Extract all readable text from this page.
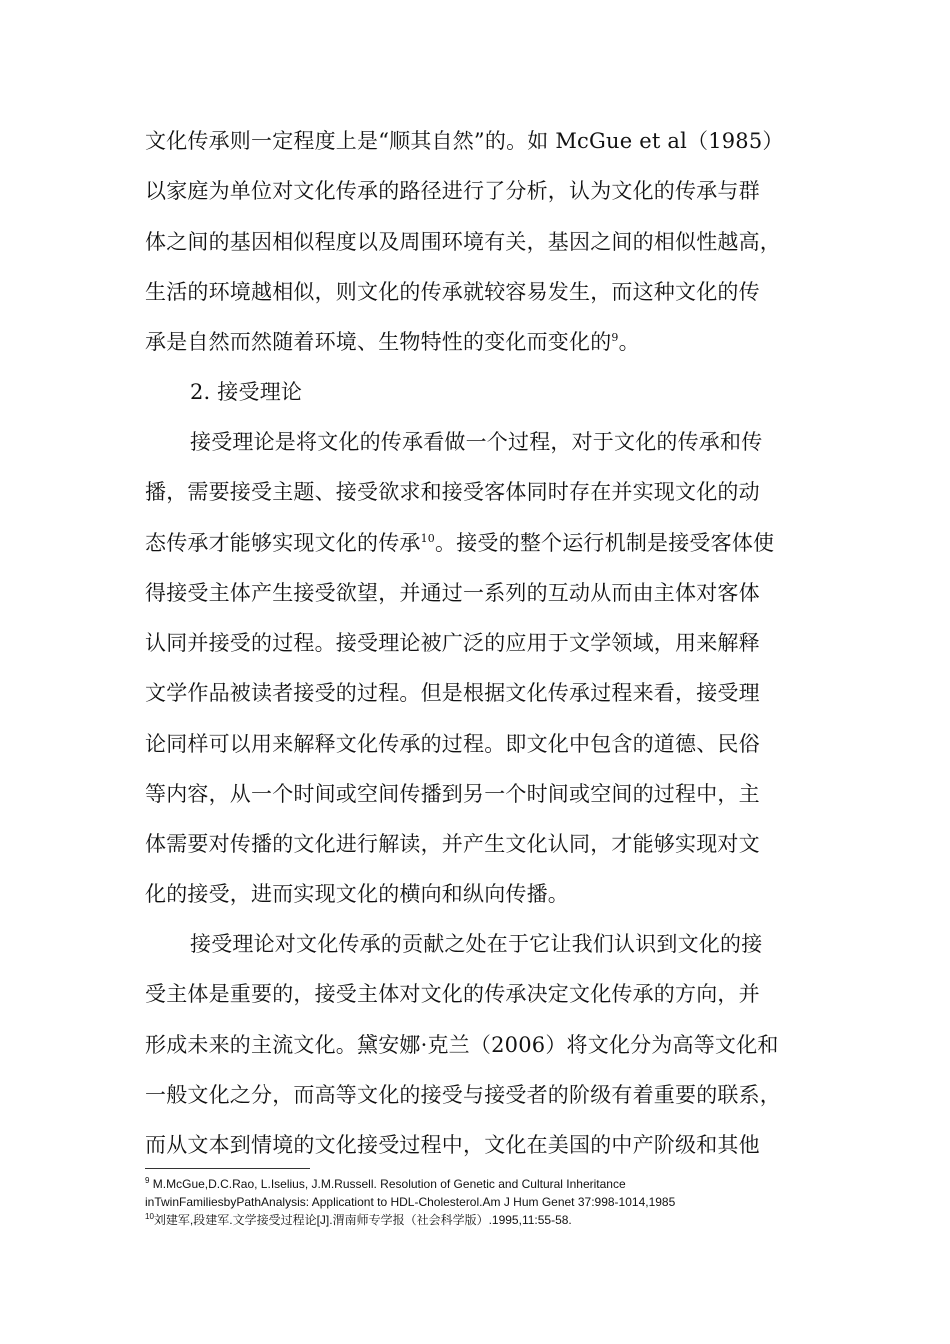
文化传承则一定程度上是“顺其自然”的。如 McGue et al（1985）
以家庭为单位对文化传承的路径进行了分析，认为文化的传承与群
体之间的基因相似程度以及周围环境有关，基因之间的相似性越高，
生活的环境越相似，则文化的传承就较容易发生，而这种文化的传
承是自然而然随着环境、生物特性的变化而变化的$^9$。
2. 接受理论
接受理论是将文化的传承看做一个过程，对于文化的传承和传
播，需要接受主题、接受欲求和接受客体同时存在并实现文化的动
态传承才能够实现文化的传承$^{10}$。接受的整个运行机制是接受客体使
得接受主体产生接受欲望，并通过一系列的互动从而由主体对客体
认同并接受的过程。接受理论被广泛的应用于文学领域，用来解释
文学作品被读者接受的过程。但是根据文化传承过程来看，接受理
论同样可以用来解释文化传承的过程。即文化中包含的道德、民俗
等内容，从一个时间或空间传播到另一个时间或空间的过程中，主
体需要对传播的文化进行解读，并产生文化认同，才能够实现对文
化的接受，进而实现文化的横向和纵向传播。
接受理论对文化传承的贡献之处在于它让我们认识到文化的接
受主体是重要的，接受主体对文化的传承决定文化传承的方向，并
形成未来的主流文化。黛安娜·克兰（2006）将文化分为高等文化和
一般文化之分，而高等文化的接受与接受者的阶级有着重要的联系，
而从文本到情境的文化接受过程中，文化在美国的中产阶级和其他
$^9$ M.McGue,D.C.Rao, L.Iselius, J.M.Russell. Resolution of Genetic and Cultural Inheritance
inTwinFamiliesbyPathAnalysis: Applicationt to HDL-Cholesterol.Am J Hum Genet 37:998-1014,1985
$^{10}$刘建军,段建军.文学接受过程论[J].渭南师专学报（社会科学版）.1995,11:55-58.
